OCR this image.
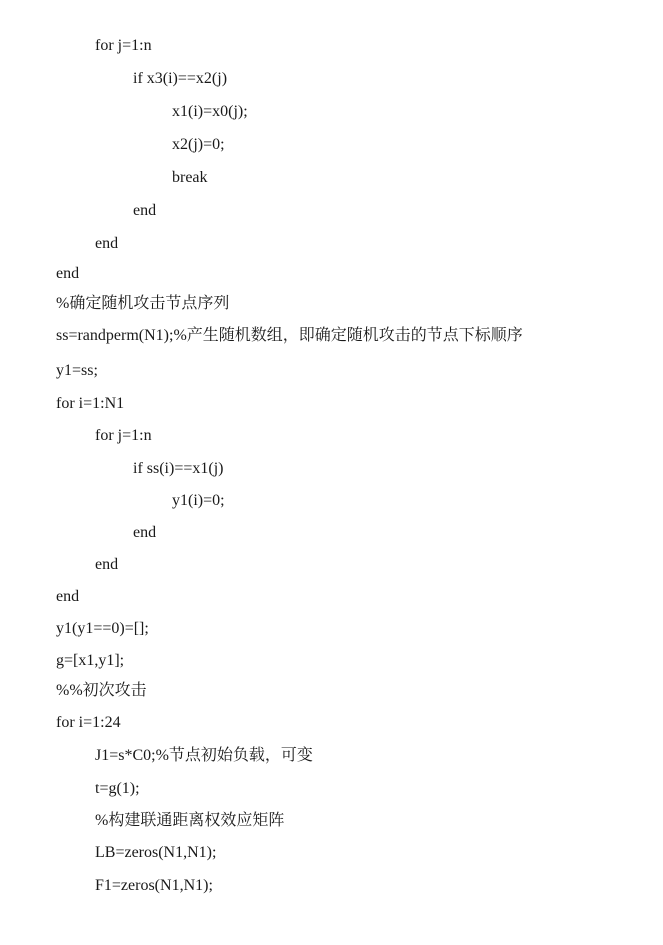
for j=1:n
if x3(i)==x2(j)
x1(i)=x0(j);
x2(j)=0;
break
end
end
end
%确定随机攻击节点序列
ss=randperm(N1);%产生随机数组，即确定随机攻击的节点下标顺序
y1=ss;
for i=1:N1
for j=1:n
if ss(i)==x1(j)
y1(i)=0;
end
end
end
y1(y1==0)=[];
g=[x1,y1];
%%初次攻击
for i=1:24
J1=s*C0;%节点初始负载，可变
t=g(1);
%构建联通距离权效应矩阵
LB=zeros(N1,N1);
F1=zeros(N1,N1);
